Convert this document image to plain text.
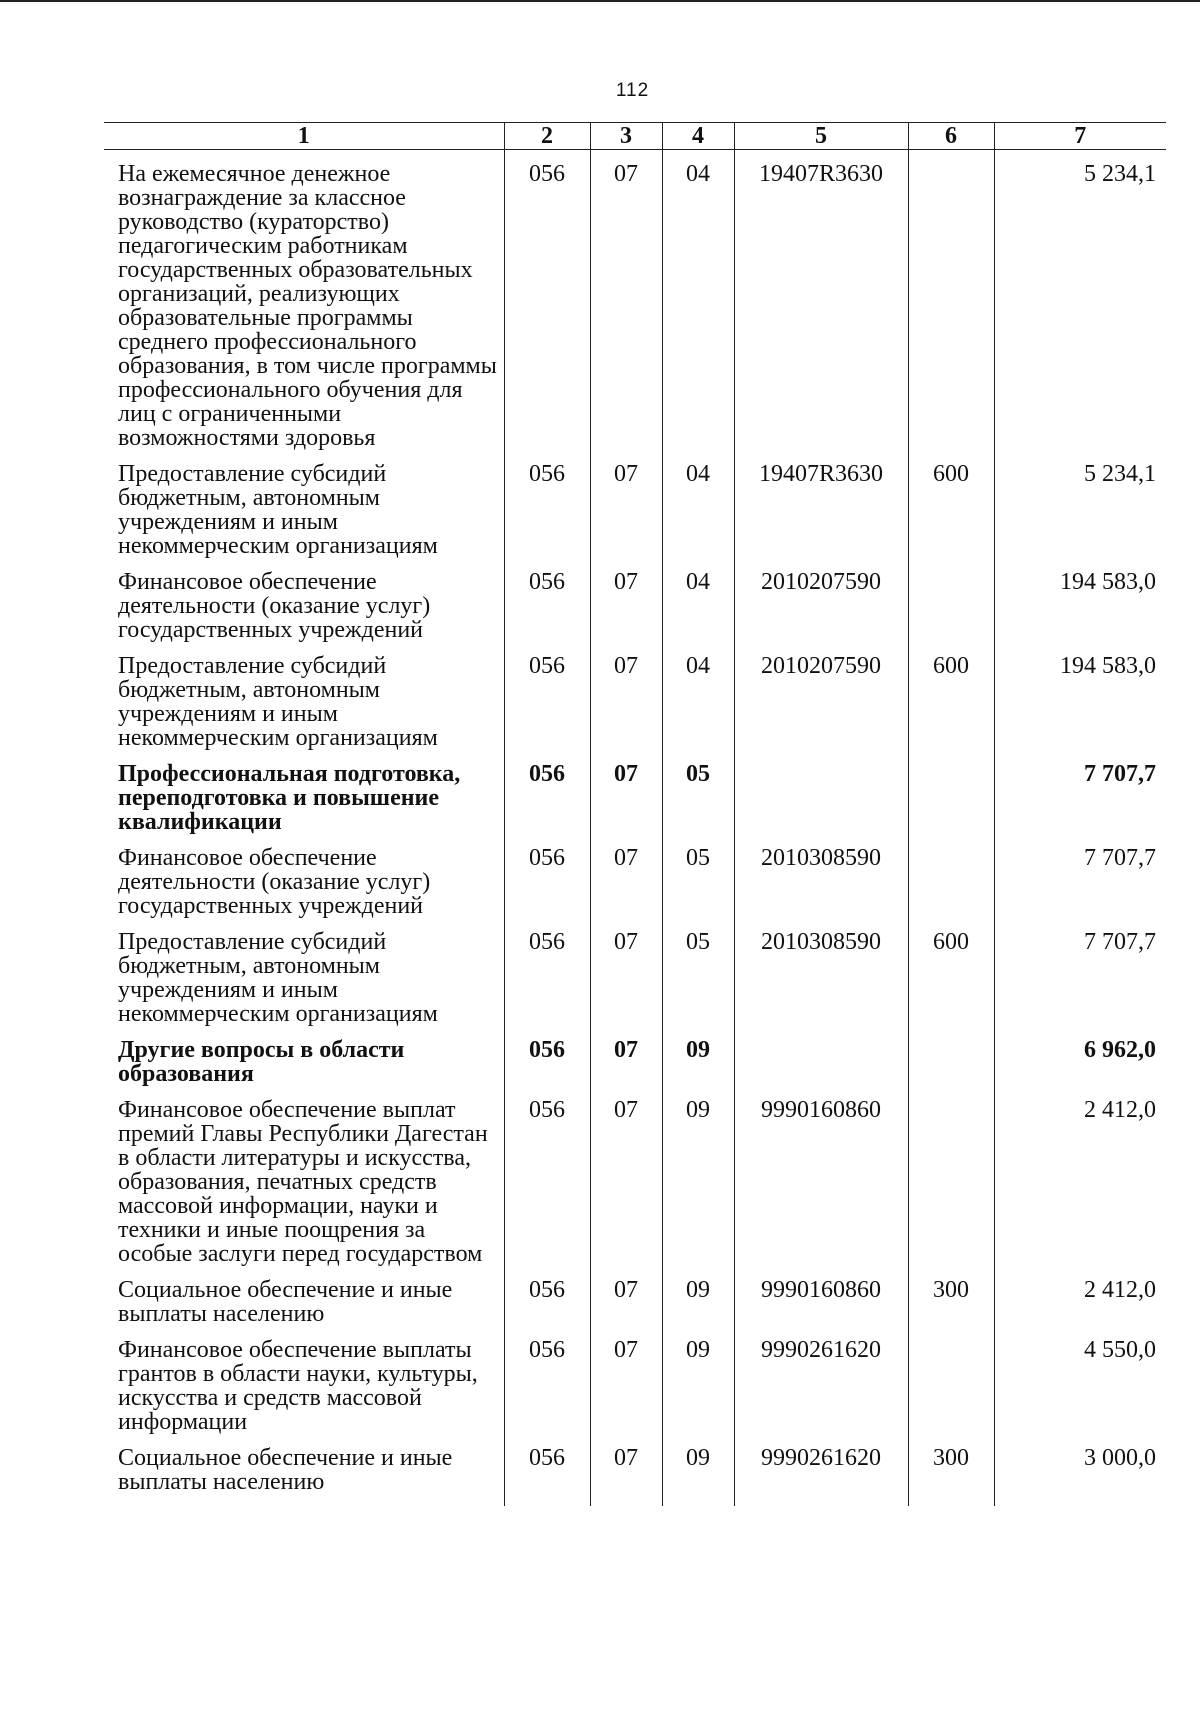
112
1	2	3	4	5	6	7

На ежемесячное денежное вознаграждение за классное руководство (кураторство) педагогическим работникам государственных образовательных организаций, реализующих образовательные программы среднего профессионального образования, в том числе программы профессионального обучения для лиц с ограниченными возможностями здоровья	056	07	04	19407R3630		5 234,1

Предоставление субсидий бюджетным, автономным учреждениям и иным некоммерческим организациям	056	07	04	19407R3630	600	5 234,1

Финансовое обеспечение деятельности (оказание услуг) государственных учреждений	056	07	04	2010207590		194 583,0

Предоставление субсидий бюджетным, автономным учреждениям и иным некоммерческим организациям	056	07	04	2010207590	600	194 583,0

Профессиональная подготовка, переподготовка и повышение квалификации	056	07	05			7 707,7

Финансовое обеспечение деятельности (оказание услуг) государственных учреждений	056	07	05	2010308590		7 707,7

Предоставление субсидий бюджетным, автономным учреждениям и иным некоммерческим организациям	056	07	05	2010308590	600	7 707,7

Другие вопросы в области образования	056	07	09			6 962,0

Финансовое обеспечение выплат премий Главы Республики Дагестан в области литературы и искусства, образования, печатных средств массовой информации, науки и техники и иные поощрения за особые заслуги перед государством	056	07	09	9990160860		2 412,0

Социальное обеспечение и иные выплаты населению	056	07	09	9990160860	300	2 412,0

Финансовое обеспечение выплаты грантов в области науки, культуры, искусства и средств массовой информации	056	07	09	9990261620		4 550,0

Социальное обеспечение и иные выплаты населению	056	07	09	9990261620	300	3 000,0
